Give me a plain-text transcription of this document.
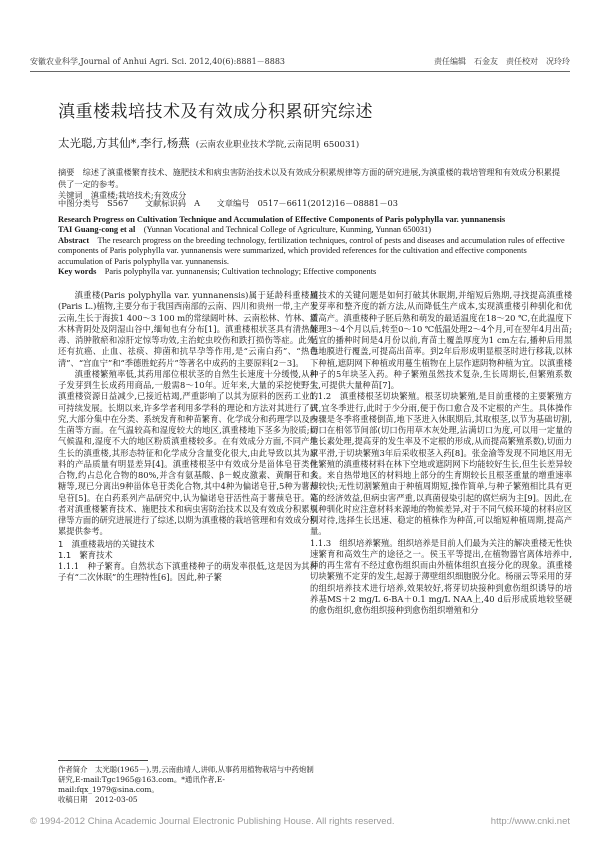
安徽农业科学,Journal of Anhui Agri. Sci. 2012,40(6):8881－8883	责任编辑　石金友　责任校对　况玲玲
滇重楼栽培技术及有效成分积累研究综述
太光聪,方其仙*,李行,杨燕 (云南农业职业技术学院,云南昆明 650031)
摘要　 综述了滇重楼繁育技术、施肥技术和病虫害防治技术以及有效成分积累规律等方面的研究进展,为滇重楼的栽培管理和有效成分积累提供了一定的参考。
关键词　 滇重楼;栽培技术;有效成分
中图分类号　S567 文献标识码　A 文章编号　0517－6611(2012)16－08881－03

Research Progress on Cultivation Technique and Accumulation of Effective Components of Paris polyphylla var. yunnanensis

TAI Guang-cong et al　 (Yunnan Vocational and Technical College of Agriculture, Kunming, Yunnan 650031)

Abstract　 The research progress on the breeding technology, fertilization techniques, control of pests and diseases and accumulation rules of effective components of Paris polyphylla var. yunnanensis were summarized, which provided references for the cultivation and effective components accumulation of Paris polyphylla var. yunnanensis.

Key words　 Paris polyphylla var. yunnanensis; Cultivation technology; Effective components

滇重楼(Paris polyphylla var. yunnanensis)属于延龄科重楼属(Paris L.)植物,主要分布于我国西南部的云南、四川和贵州一带,主产于云南,生长于海拔1 400～3 100 m的常绿阔叶林、云南松林、竹林、灌木林背阴处及阴湿山谷中,缅甸也有分布[1]。滇重楼根状茎具有清热解毒、消肿散瘀和凉肝定惊等功效,主治蛇虫咬伤和跌打损伤等症。此外,还有抗癌、止血、祛痰、抑菌和抗早孕等作用,是“云南白药”、“热毒清”、“宫血宁”和“季德胜蛇药片”等著名中成药的主要原料[2－3]。

滇重楼繁殖率低,其药用部位根状茎的自然生长速度十分缓慢,从种子发芽到生长成药用商品,一般需8～10年。近年来,大量的采挖使野生滇重楼资源日益减少,已接近枯竭,严重影响了以其为原料的医药工业的可持续发展。长期以来,许多学者利用多学科的理论和方法对其进行了研究,大部分集中在分类、系统发育和种苗繁育、化学成分和药理学以及内生菌等方面。在气温较高和湿度较大的地区,滇重楼地下茎多为胶质;而气候温和,湿度不大的地区粉质滇重楼较多。在有效成分方面,不同产地生长的滇重楼,其形态特征和化学成分含量变化很大,由此导致以其为原料的产品质量有明显差异[4]。滇重楼根茎中有效成分是甾体皂苷类化合物,约占总化合物的80%,并含有氨基酸、β－蜕皮激素、黄酮苷和多糖等,现已分离出9种甾体皂苷类化合物,其中4种为偏诺皂苷,5种为薯蓣皂苷[5]。在白药系列产品研究中,认为偏诺皂苷活性高于薯蓣皂苷。笔者对滇重楼繁育技术、施肥技术和病虫害防治技术以及有效成分积累规律等方面的研究进展进行了综述,以期为滇重楼的栽培管理和有效成分积累提供参考。

1　滇重楼栽培的关键技术

1.1　繁育技术

1.1.1　种子繁育。自然状态下滇重楼种子的萌发率很低,这是因为其种子有“二次休眠”的生理特性[6]。因此,种子繁

殖技术的关键问题是如何打破其休眠期,并缩短后熟期,寻找提高滇重楼发芽率和整齐度的新方法,从而降低生产成本,实现滇重楼引种驯化和优质高产。滇重楼种子胚后熟和萌发的最适温度在18～20 ℃,在此温度下处理3～4个月以后,转至0～10 ℃低温处理2～4个月,可在翌年4月出苗;适宜的播种时间是4月份以前,育苗土覆盖厚度为1 cm左右,播种后用黑色地膜进行覆盖,可提高出苗率。到2年后形成明显根茎时进行移栽,以林下种植,遮阴网下种植或用蔓生植物在上层作遮阴物种植为宜。以滇重楼种子的5年块茎入药。种子繁殖虽然技术复杂,生长周期长,但繁殖系数大,可提供大量种苗[7]。

1.1.2　滇重楼根茎切块繁殖。根茎切块繁殖,是目前重楼的主要繁殖方式,宜冬季进行,此时于少分雨,便于伤口愈合及不定根的产生。具体操作步骤是冬季将重楼倒苗,地下茎进入休眠期后,其取根茎,以节为基础切割,切口在相邻节间部(切口伤用草木灰处理,沾满切口为度,可以用一定量的生长素处理,提高芽的发生率及不定根的形成,从而提高繁殖系数),切面力求平滑,于切块繁殖3年后采收根茎入药[8]。张金渝等发现不同地区用无性繁殖的滇重楼材料在林下空地或遮阴网下均能较好生长,但生长差异较大。来自热带地区的材料地上部分的生育期较长且根茎重量的增重速率却较快;无性切割繁殖由于种植周期短,操作简单,与种子繁殖相比具有更高的经济效益,但病虫害严重,以真菌侵染引起的腐烂病为主[9]。因此,在引种驯化时应注意材料来源地的物候差异,对于不同气候环境的材料应区别对待,选择生长迅速、稳定的植株作为种苗,可以缩短种植周期,提高产量。

1.1.3　组织培养繁殖。组织培养是目前人们最为关注的解决重楼无性快速繁育和高效生产的途径之一。侯玉平等提出,在植物器官离体培养中,芽的再生常有不经过愈伤组织而由外植体组织直接分化的现象。滇重楼切块繁殖不定芽的发生,起源于薄壁组织细胞脱分化。杨丽云等采用的芽的组织培养技术进行培养,效果较好,将芽切块接种到愈伤组织诱导的培养基MS＋2 mg/L 6-BA＋0.1 mg/L NAA上,40 d后形成质地较坚硬的愈伤组织,愈伤组织接种到愈伤组织增殖和分

作者简介　 太光聪(1965－),男,云南曲靖人,讲师,从事药用植物栽培与中药炮制研究,E-mail:Tgc1965@163.com。*通讯作者,E-mail:fqx_1979@sina.com。
收稿日期　 2012-03-05
© 1994-2012 China Academic Journal Electronic Publishing House. All rights reserved.	http://www.cnki.net
